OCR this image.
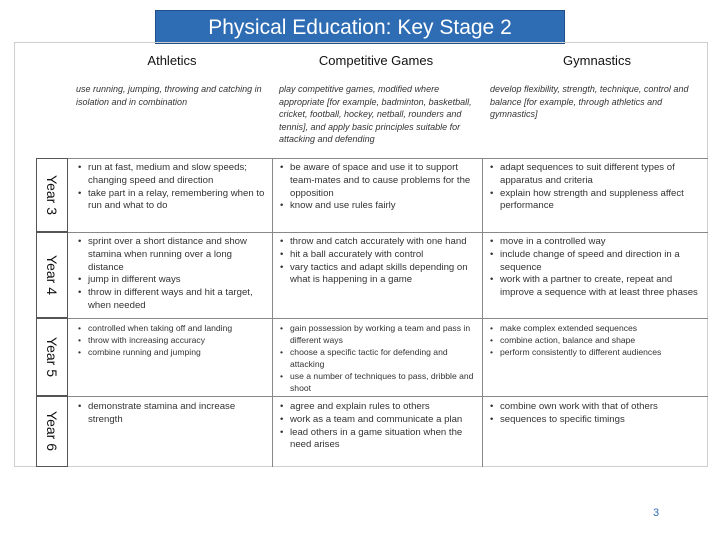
Physical Education: Key Stage 2
Athletics	Competitive Games	Gymnastics
use running, jumping, throwing and catching in isolation and in combination
play competitive games, modified where appropriate [for example, badminton, basketball, cricket, football, hockey, netball, rounders and tennis], and apply basic principles suitable for attacking and defending
develop flexibility, strength, technique, control and balance [for example, through athletics and gymnastics]
Year 3
Year 4
Year 5
Year 6
• run at fast, medium and slow speeds; changing speed and direction
• take part in a relay, remembering when to run and what to do
• be aware of space and use it to support team-mates and to cause problems for the opposition
• know and use rules fairly
• adapt sequences to suit different types of apparatus and criteria
• explain how strength and suppleness affect performance
• sprint over a short distance and show stamina when running over a long distance
• jump in different ways
• throw in different ways and hit a target, when needed
• throw and catch accurately with one hand
• hit a ball accurately with control
• vary tactics and adapt skills depending on what is happening in a game
• move in a controlled way
• include change of speed and direction in a sequence
• work with a partner to create, repeat and improve a sequence with at least three phases
• controlled when taking off and landing
• throw with increasing accuracy
• combine running and jumping
• gain possession by working a team and pass in different ways
• choose a specific tactic for defending and attacking
• use a number of techniques to pass, dribble and shoot
• make complex extended sequences
• combine action, balance and shape
• perform consistently to different audiences
• demonstrate stamina and increase strength
• agree and explain rules to others
• work as a team and communicate a plan
• lead others in a game situation when the need arises
• combine own work with that of others
• sequences to specific timings
3
